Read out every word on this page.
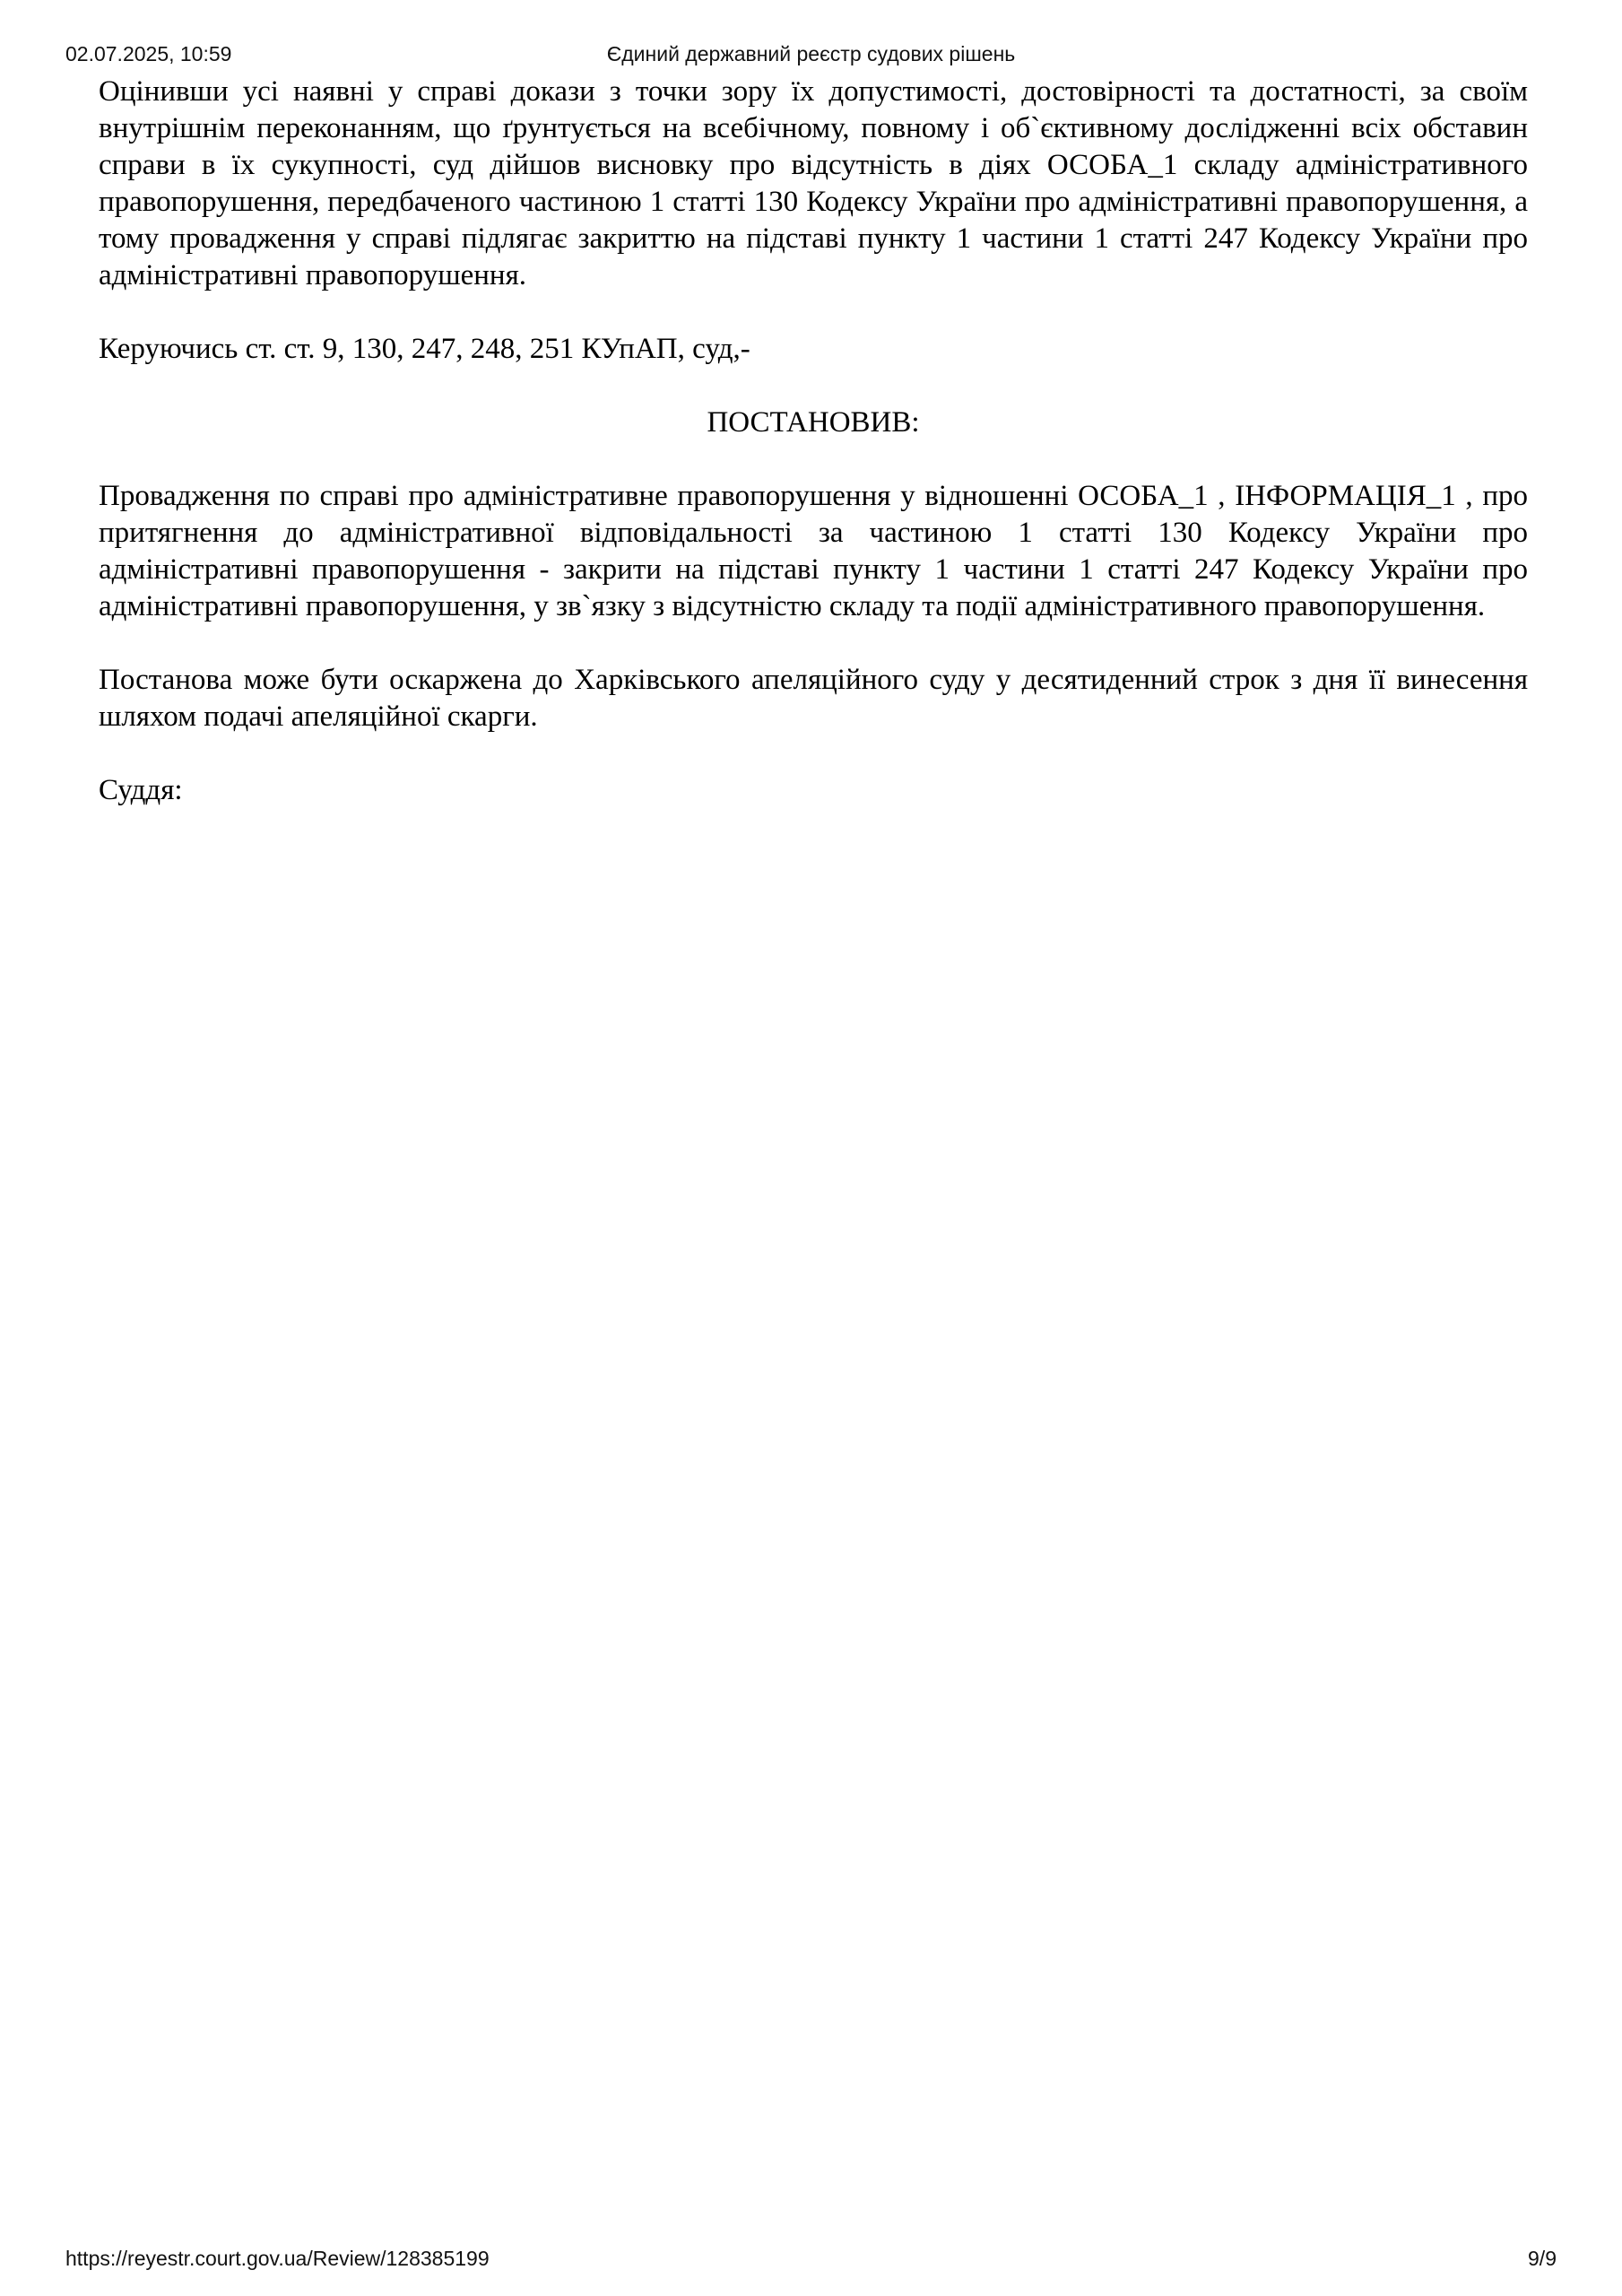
02.07.2025, 10:59	Єдиний державний реєстр судових рішень

Оцінивши усі наявні у справі докази з точки зору їх допустимості, достовірності та достатності, за своїм внутрішнім переконанням, що ґрунтується на всебічному, повному і об`єктивному дослідженні всіх обставин справи в їх сукупності, суд дійшов висновку про відсутність в діях ОСОБА_1 складу адміністративного правопорушення, передбаченого частиною 1 статті 130 Кодексу України про адміністративні правопорушення, а тому провадження у справі підлягає закриттю на підставі пункту 1 частини 1 статті 247 Кодексу України про адміністративні правопорушення.

Керуючись ст. ст. 9, 130, 247, 248, 251 КУпАП, суд,-

ПОСТАНОВИВ:

Провадження по справі про адміністративне правопорушення у відношенні ОСОБА_1 , ІНФОРМАЦІЯ_1 , про притягнення до адміністративної відповідальності за частиною 1 статті 130 Кодексу України про адміністративні правопорушення - закрити на підставі пункту 1 частини 1 статті 247 Кодексу України про адміністративні правопорушення, у зв`язку з відсутністю складу та події адміністративного правопорушення.

Постанова може бути оскаржена до Харківського апеляційного суду у десятиденний строк з дня її винесення шляхом подачі апеляційної скарги.

Суддя:

https://reyestr.court.gov.ua/Review/128385199	9/9
